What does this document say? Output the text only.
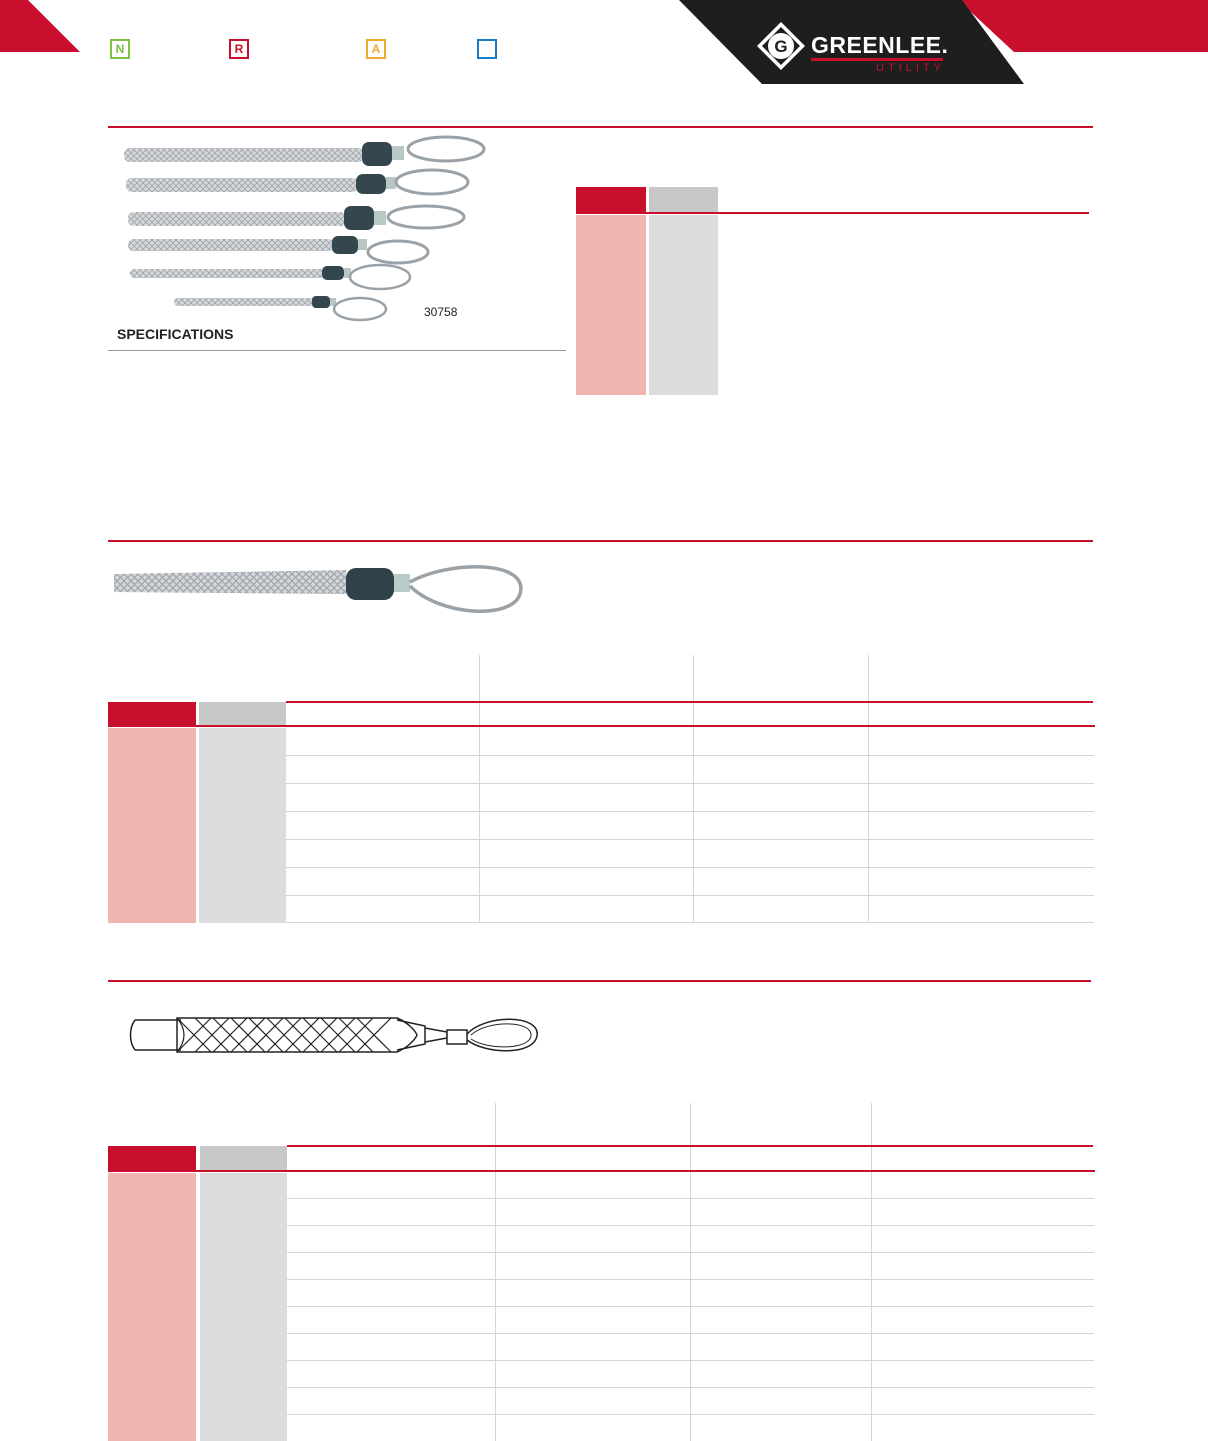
N	R	A	G GREENLEE.
UTILITY
30758
SPECIFICATIONS
